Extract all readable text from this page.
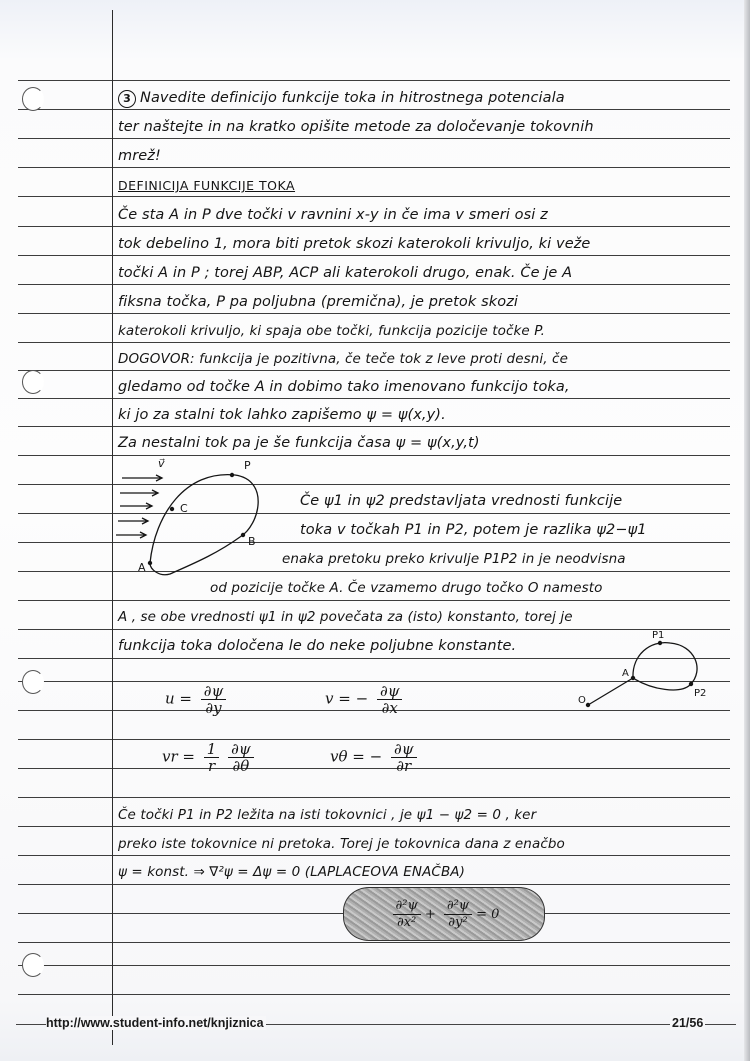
3 Navedite definicijo funkcije toka in hitrostnega potenciala
ter naštejte in na kratko opišite metode za določevanje tokovnih
mrež!
DEFINICIJA FUNKCIJE TOKA
Če sta A in P dve točki v ravnini x-y in če ima v smeri osi z
tok debelino 1, mora biti pretok skozi katerokoli krivuljo, ki veže
točki A in P ; torej ABP, ACP ali katerokoli drugo, enak. Če je A
fiksna točka, P pa poljubna (premična), je pretok skozi
katerokoli krivuljo, ki spaja obe točki, funkcija pozicije točke P.
DOGOVOR: funkcija je pozitivna, če teče tok z leve proti desni, če
gledamo od točke A in dobimo tako imenovano funkcijo toka,
ki jo za stalni tok lahko zapišemo ψ = ψ(x,y).
Za nestalni tok pa je še funkcija časa ψ = ψ(x,y,t)
v⃗	P
C
B
A
Če ψ1 in ψ2 predstavljata vrednosti funkcije
toka v točkah P1 in P2, potem je razlika ψ2−ψ1
enaka pretoku preko krivulje P1P2 in je neodvisna
od pozicije točke A. Če vzamemo drugo točko O namesto
A , se obe vrednosti ψ1 in ψ2 povečata za (isto) konstanto, torej je
funkcija toka določena le do neke poljubne konstante.
P1
A
P2
O
$u = \frac{\partial\psi}{\partial y}$	v = − $\frac{\partial\psi}{\partial x}$
vr = $\frac{1}{r}$
$\frac{\partial\psi}{\partial\theta}$	vθ = − $\frac{\partial\psi}{\partial r}$
Če točki P1 in P2 ležita na isti tokovnici , je ψ1 − ψ2 = 0 , ker
preko iste tokovnice ni pretoka. Torej je tokovnica dana z enačbo
ψ = konst. ⇒ ∇²ψ = Δψ = 0 (LAPLACEOVA ENAČBA)
$\frac{\text{∂²ψ}}{\text{∂x²}} + \frac{\text{∂²ψ}}{\text{∂y²}} = 0$
http://www.student-info.net/knjiznica	21/56
